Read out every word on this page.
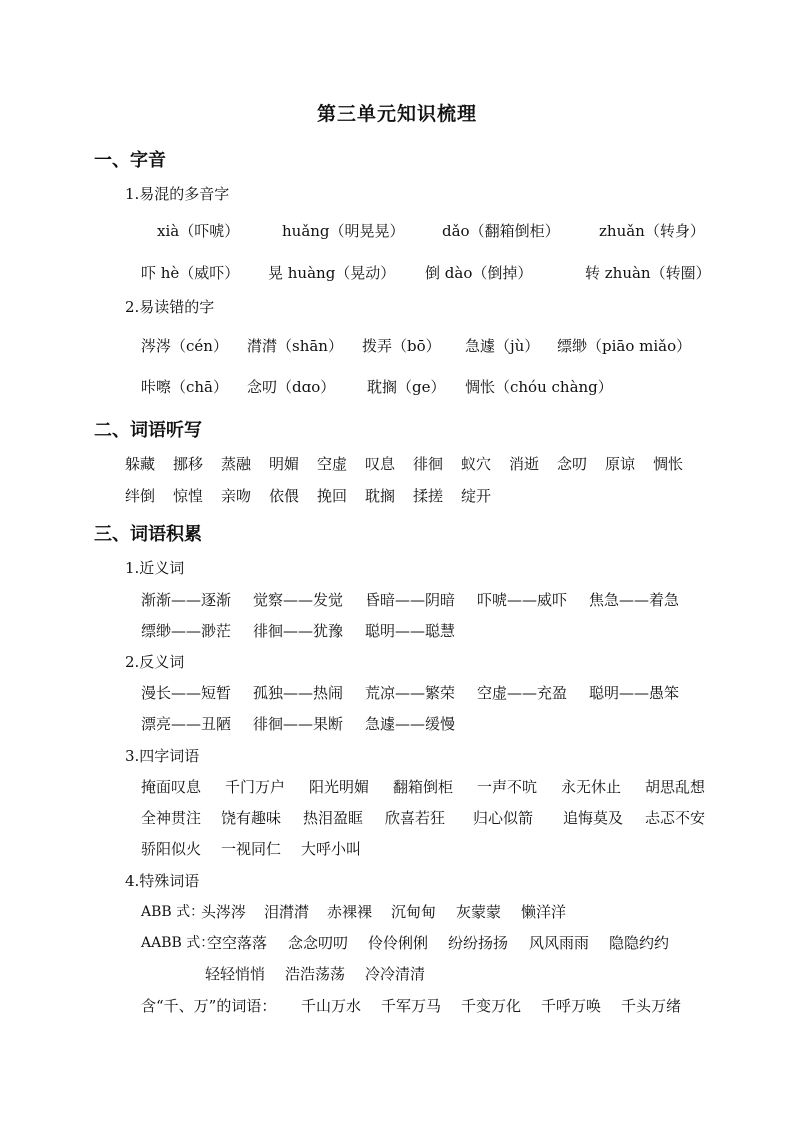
第三单元知识梳理
一、字音
1.易混的多音字
xià（吓唬）	huǎng（明晃晃） dǎo（翻箱倒柜）	zhuǎn（转身）
吓 hè（威吓） 晃 huàng（晃动） 倒 dào（倒掉）	转 zhuàn（转圈）
2.易读错的字
涔涔（cén） 潸潸（shān） 拨弄（bō） 急遽（jù） 缥缈（piāo miǎo）
咔嚓（chā） 念叨（dɑo） 耽搁（ge） 惆怅（chóu chàng）
二、词语听写
躲藏 挪移 蒸融 明媚 空虚 叹息 徘徊 蚁穴 消逝 念叨 原谅 惆怅
绊倒 惊惶 亲吻 依偎 挽回 耽搁 揉搓 绽开
三、词语积累
1.近义词
渐渐——逐渐 觉察——发觉 昏暗——阴暗 吓唬——威吓 焦急——着急
缥缈——渺茫 徘徊——犹豫 聪明——聪慧
2.反义词
漫长——短暂 孤独——热闹 荒凉——繁荣 空虚——充盈 聪明——愚笨
漂亮——丑陋 徘徊——果断 急遽——缓慢
3.四字词语
掩面叹息 千门万户 阳光明媚 翻箱倒柜 一声不吭 永无休止 胡思乱想
全神贯注 饶有趣味 热泪盈眶 欣喜若狂 归心似箭 追悔莫及 忐忑不安
骄阳似火 一视同仁 大呼小叫
4.特殊词语
ABB 式：
头涔涔 泪潸潸 赤裸裸 沉甸甸 灰蒙蒙 懒洋洋
AABB 式：
空空落落 念念叨叨 伶伶俐俐 纷纷扬扬 风风雨雨 隐隐约约
轻轻悄悄 浩浩荡荡 冷冷清清
含“千、万”的词语： 千山万水 千军万马 千变万化 千呼万唤 千头万绪
